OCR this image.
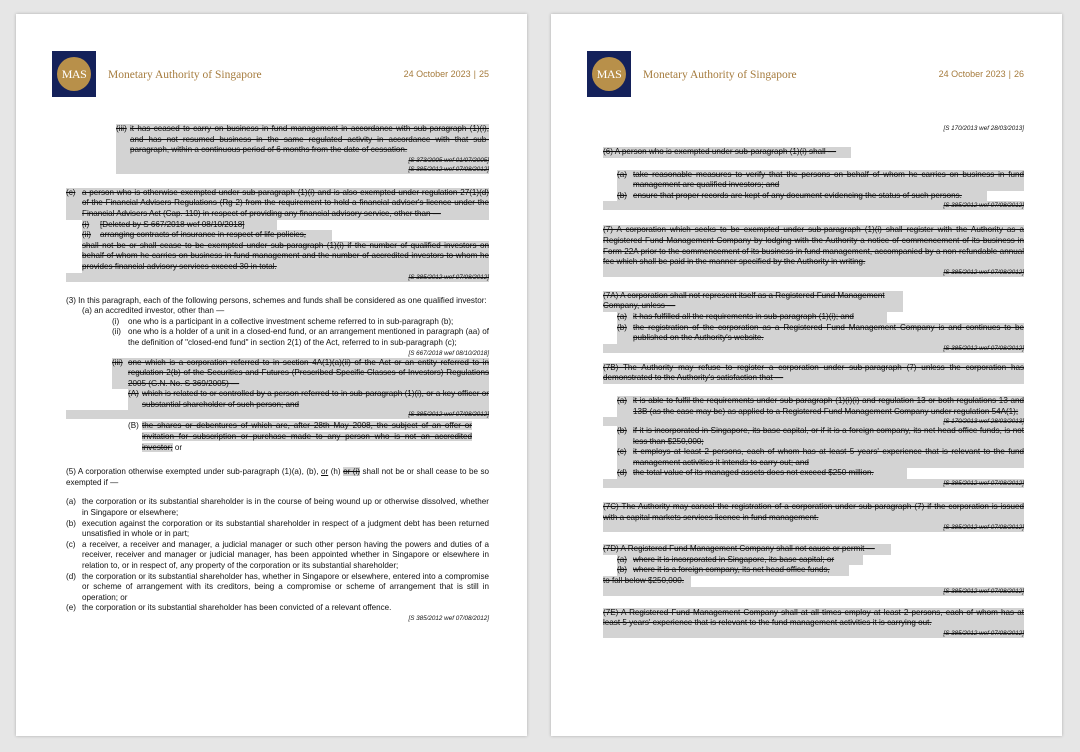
MAS	Monetary Authority of Singapore	24 October 2023 | 25
(iii) it has ceased to carry on business in fund management in accordance with sub-paragraph (1)(i), and has not resumed business in the same regulated activity in accordance with that sub-paragraph, within a continuous period of 6 months from the date of cessation.
[S 373/2005 wef 01/07/2005]
[S 385/2012 wef 07/08/2012]
(c) a person who is otherwise exempted under sub-paragraph (1)(i) and is also exempted under regulation 27(1)(d) of the Financial Advisers Regulations (Rg 2) from the requirement to hold a financial adviser's licence under the Financial Advisers Act (Cap. 110) in respect of providing any financial advisory service, other than —
(i)	[Deleted by S 667/2018 wef 08/10/2018]
(ii)	arranging contracts of insurance in respect of life policies,
shall not be or shall cease to be exempted under sub-paragraph (1)(i) if the number of qualified investors on behalf of whom he carries on business in fund management and the number of accredited investors to whom he provides financial advisory services exceed 30 in total.
[S 385/2012 wef 07/08/2012]
(3) In this paragraph, each of the following persons, schemes and funds shall be considered as one qualified investor:
(a) an accredited investor, other than —
(i)	one who is a participant in a collective investment scheme referred to in sub-paragraph (b);
(ii) one who is a holder of a unit in a closed-end fund, or an arrangement mentioned in paragraph (aa) of the definition of "closed-end fund" in section 2(1) of the Act, referred to in sub-paragraph (c);
[S 667/2018 wef 08/10/2018]
(iii) one which is a corporation referred to in section 4A(1)(a)(ii) of the Act or an entity referred to in regulation 2(b) of the Securities and Futures (Prescribed Specific Classes of Investors) Regulations 2005 (G.N. No. S 369/2005) —
(A) which is related to or controlled by a person referred to in sub-paragraph (1)(i), or a key officer or substantial shareholder of such person; and
[S 385/2012 wef 07/08/2012]
(B) the shares or debentures of which are, after 28th May 2008, the subject of an offer or invitation for subscription or purchase made to any person who is not an accredited investor; or
(5) A corporation otherwise exempted under sub-paragraph (1)(a), (b), or (h) or (i) shall not be or shall cease to be so exempted if —
(a) the corporation or its substantial shareholder is in the course of being wound up or otherwise dissolved, whether in Singapore or elsewhere;
(b) execution against the corporation or its substantial shareholder in respect of a judgment debt has been returned unsatisfied in whole or in part;
(c) a receiver, a receiver and manager, a judicial manager or such other person having the powers and duties of a receiver, receiver and manager or judicial manager, has been appointed whether in Singapore or elsewhere in relation to, or in respect of, any property of the corporation or its substantial shareholder;
(d) the corporation or its substantial shareholder has, whether in Singapore or elsewhere, entered into a compromise or scheme of arrangement with its creditors, being a compromise or scheme of arrangement that is still in operation; or
(e) the corporation or its substantial shareholder has been convicted of a relevant offence.
[S 385/2012 wef 07/08/2012]
MAS	Monetary Authority of Singapore	24 October 2023 | 26
[S 170/2013 wef 28/03/2013]
(6) A person who is exempted under sub-paragraph (1)(i) shall —
(a) take reasonable measures to verify that the persons on behalf of whom he carries on business in fund management are qualified investors; and
(b) ensure that proper records are kept of any document evidencing the status of such persons.
[S 385/2012 wef 07/08/2012]
(7) A corporation which seeks to be exempted under sub-paragraph (1)(i) shall register with the Authority as a Registered Fund Management Company by lodging with the Authority a notice of commencement of its business in Form 22A prior to the commencement of its business in fund management, accompanied by a non-refundable annual fee which shall be paid in the manner specified by the Authority in writing.
[S 385/2012 wef 07/08/2012]
(7A) A corporation shall not represent itself as a Registered Fund Management Company, unless —
(a) it has fulfilled all the requirements in sub-paragraph (1)(i); and
(b) the registration of the corporation as a Registered Fund Management Company is and continues to be published on the Authority's website.
[S 385/2012 wef 07/08/2012]
(7B) The Authority may refuse to register a corporation under sub-paragraph (7) unless the corporation has demonstrated to the Authority's satisfaction that —
(a) it is able to fulfil the requirements under sub-paragraph (1)(i)(i) and regulation 13 or both regulations 13 and 13B (as the case may be) as applied to a Registered Fund Management Company under regulation 54A(1);
[S 170/2013 wef 28/03/2013]
(b) if it is incorporated in Singapore, its base capital, or if it is a foreign company, its net head office funds, is not less than $250,000;
(c) it employs at least 2 persons, each of whom has at least 5 years' experience that is relevant to the fund management activities it intends to carry out; and
(d) the total value of its managed assets does not exceed $250 million.
[S 385/2012 wef 07/08/2012]
(7C) The Authority may cancel the registration of a corporation under sub-paragraph (7) if the corporation is issued with a capital markets services licence in fund management.
[S 385/2012 wef 07/08/2012]
(7D) A Registered Fund Management Company shall not cause or permit —
(a) where it is incorporated in Singapore, its base capital; or
(b) where it is a foreign company, its net head office funds,
to fall below $250,000.
[S 385/2012 wef 07/08/2012]
(7E) A Registered Fund Management Company shall at all times employ at least 2 persons, each of whom has at least 5 years' experience that is relevant to the fund management activities it is carrying out.
[S 385/2012 wef 07/08/2012]
